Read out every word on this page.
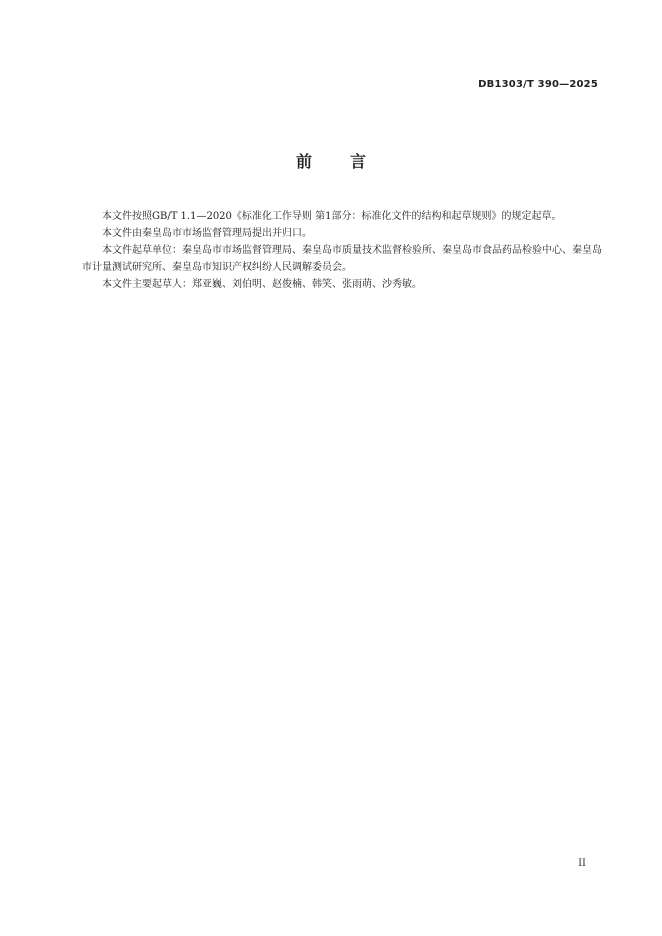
DB1303/T 390—2025
前 言

本文件按照GB/T 1.1—2020《标准化工作导则 第1部分：标准化文件的结构和起草规则》的规定起草。

本文件由秦皇岛市市场监督管理局提出并归口。

本文件起草单位：秦皇岛市市场监督管理局、秦皇岛市质量技术监督检验所、秦皇岛市食品药品检验中心、秦皇岛市计量测试研究所、秦皇岛市知识产权纠纷人民调解委员会。

本文件主要起草人：郑亚巍、刘伯明、赵俊楠、韩笑、张雨萌、沙秀敏。

II
